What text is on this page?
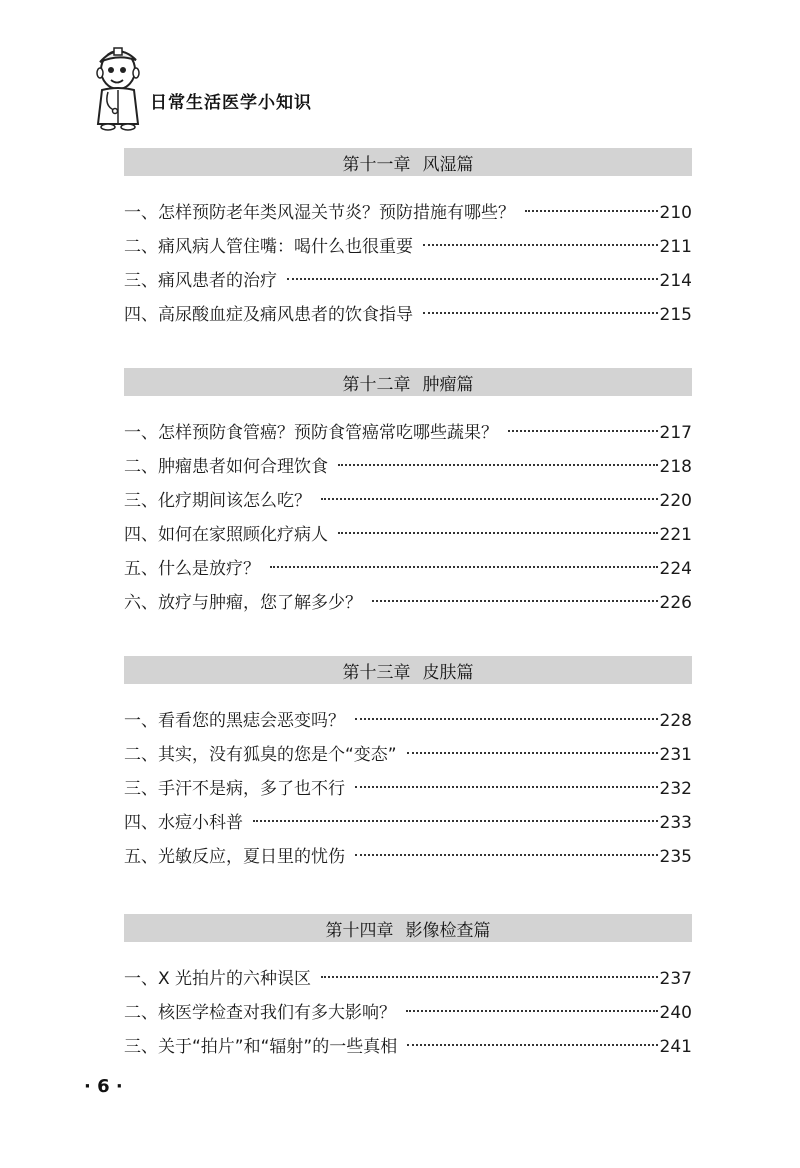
日常生活医学小知识
第十一章 风湿篇
一、怎样预防老年类风湿关节炎？预防措施有哪些？	210
二、痛风病人管住嘴：喝什么也很重要	211
三、痛风患者的治疗	214
四、高尿酸血症及痛风患者的饮食指导	215
第十二章 肿瘤篇
一、怎样预防食管癌？预防食管癌常吃哪些蔬果？	217
二、肿瘤患者如何合理饮食	218
三、化疗期间该怎么吃？	220
四、如何在家照顾化疗病人	221
五、什么是放疗？	224
六、放疗与肿瘤，您了解多少？	226
第十三章 皮肤篇
一、看看您的黑痣会恶变吗？	228
二、其实，没有狐臭的您是个“变态”	231
三、手汗不是病，多了也不行	232
四、水痘小科普	233
五、光敏反应，夏日里的忧伤	235
第十四章 影像检查篇
一、X 光拍片的六种误区	237
二、核医学检查对我们有多大影响？	240
三、关于“拍片”和“辐射”的一些真相	241
· 6 ·
